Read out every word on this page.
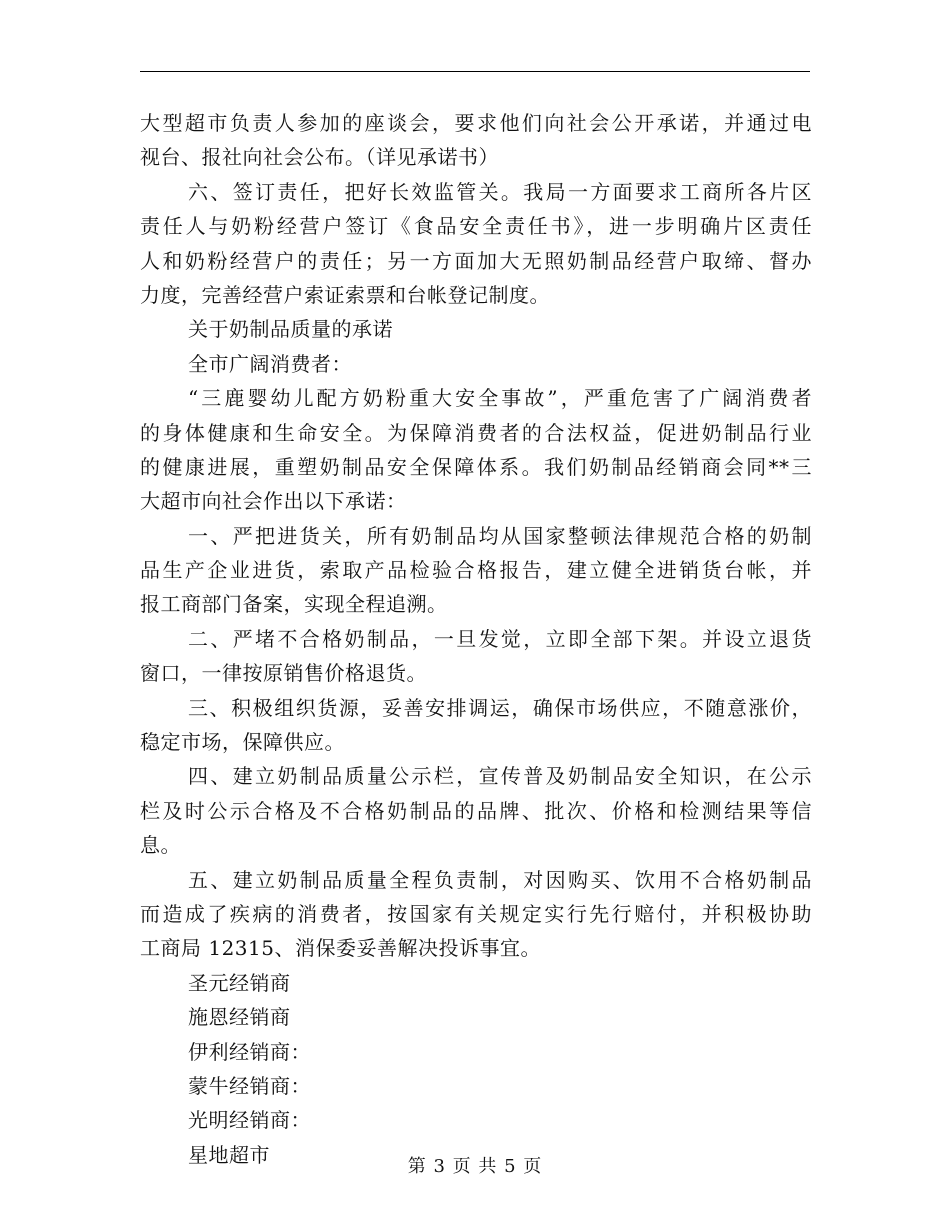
大型超市负责人参加的座谈会，要求他们向社会公开承诺，并通过电
视台、报社向社会公布。（详见承诺书）
六、签订责任，把好长效监管关。我局一方面要求工商所各片区
责任人与奶粉经营户签订《食品安全责任书》，进一步明确片区责任
人和奶粉经营户的责任；另一方面加大无照奶制品经营户取缔、督办
力度，完善经营户索证索票和台帐登记制度。
关于奶制品质量的承诺
全市广阔消费者：
“三鹿婴幼儿配方奶粉重大安全事故”，严重危害了广阔消费者
的身体健康和生命安全。为保障消费者的合法权益，促进奶制品行业
的健康进展，重塑奶制品安全保障体系。我们奶制品经销商会同**三
大超市向社会作出以下承诺：
一、严把进货关，所有奶制品均从国家整顿法律规范合格的奶制
品生产企业进货，索取产品检验合格报告，建立健全进销货台帐，并
报工商部门备案，实现全程追溯。
二、严堵不合格奶制品，一旦发觉，立即全部下架。并设立退货
窗口，一律按原销售价格退货。
三、积极组织货源，妥善安排调运，确保市场供应，不随意涨价，
稳定市场，保障供应。
四、建立奶制品质量公示栏，宣传普及奶制品安全知识，在公示
栏及时公示合格及不合格奶制品的品牌、批次、价格和检测结果等信
息。
五、建立奶制品质量全程负责制，对因购买、饮用不合格奶制品
而造成了疾病的消费者，按国家有关规定实行先行赔付，并积极协助
工商局 12315、消保委妥善解决投诉事宜。
圣元经销商
施恩经销商
伊利经销商：
蒙牛经销商：
光明经销商：
星地超市	第 3 页 共 5 页
